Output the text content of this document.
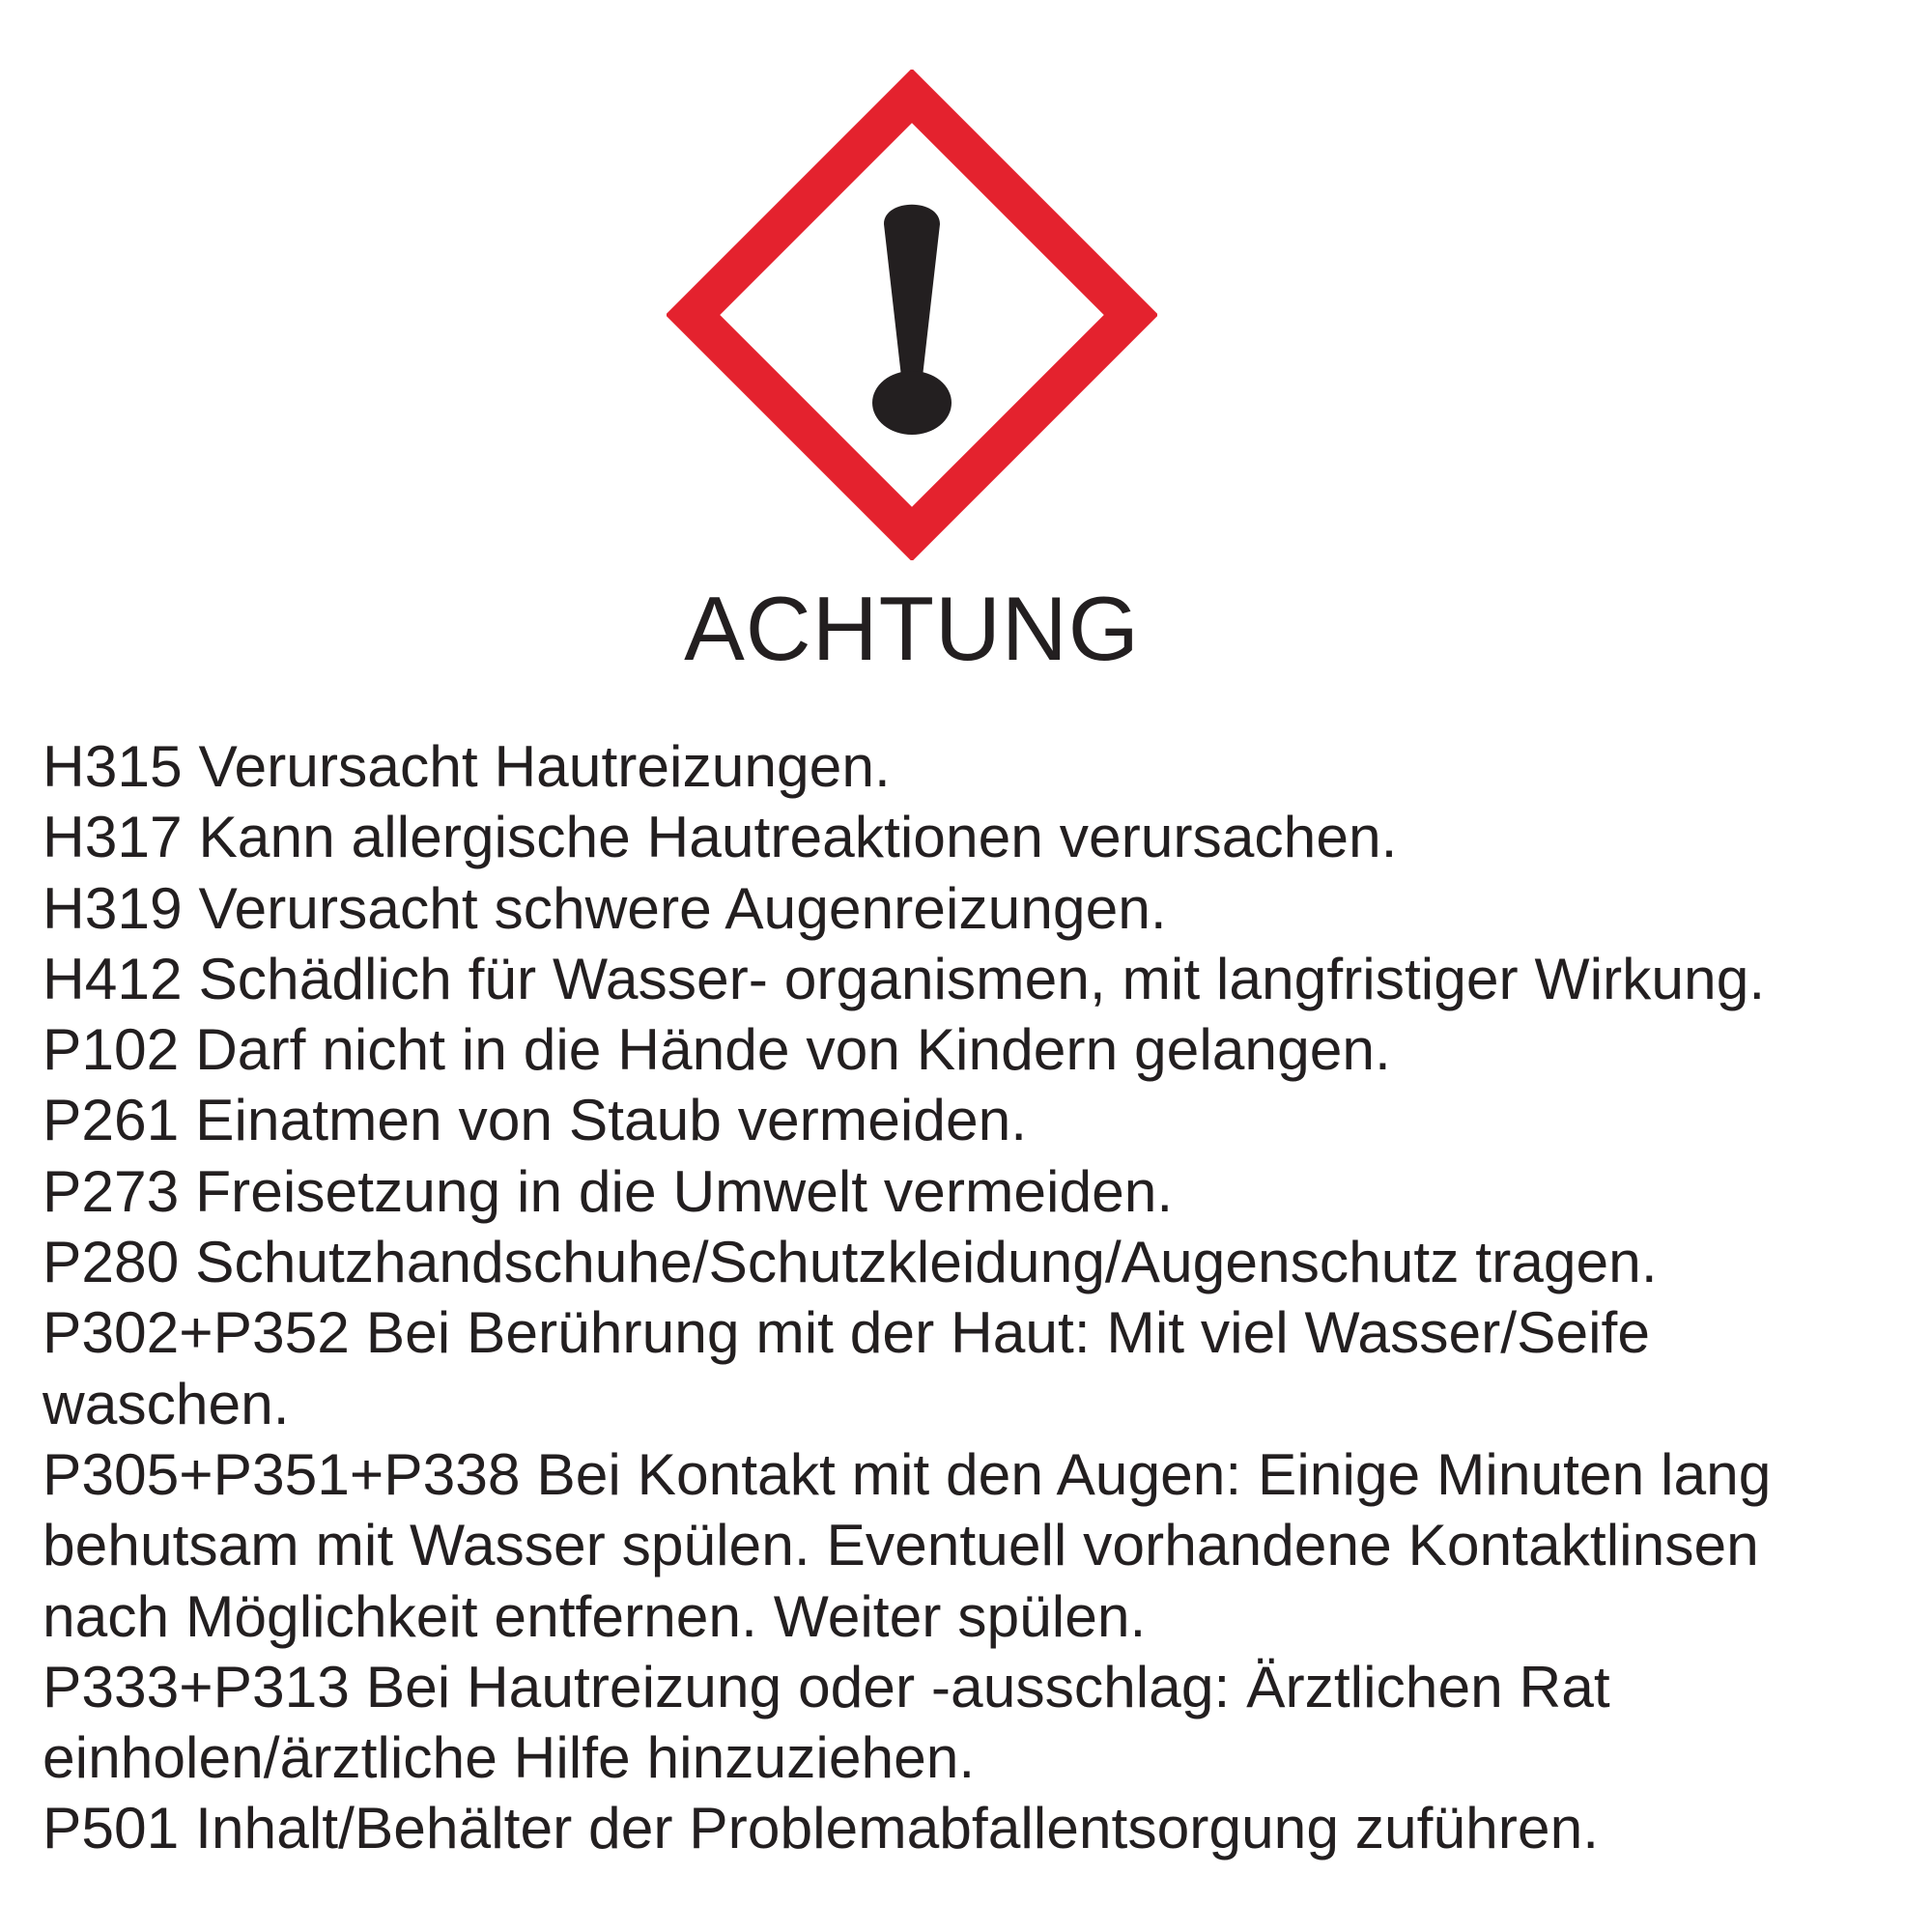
ACHTUNG
H315 Verursacht Hautreizungen.
H317 Kann allergische Hautreaktionen verursachen.
H319 Verursacht schwere Augenreizungen.
H412 Schädlich für Wasser- organismen, mit langfristiger Wirkung.
P102 Darf nicht in die Hände von Kindern gelangen.
P261 Einatmen von Staub vermeiden.
P273 Freisetzung in die Umwelt vermeiden.
P280 Schutzhandschuhe/Schutzkleidung/Augenschutz tragen.
P302+P352 Bei Berührung mit der Haut: Mit viel Wasser/Seife
waschen.
P305+P351+P338 Bei Kontakt mit den Augen: Einige Minuten lang
behutsam mit Wasser spülen. Eventuell vorhandene Kontaktlinsen
nach Möglichkeit entfernen. Weiter spülen.
P333+P313 Bei Hautreizung oder -ausschlag: Ärztlichen Rat
einholen/ärztliche Hilfe hinzuziehen.
P501 Inhalt/Behälter der Problemabfallentsorgung zuführen.
